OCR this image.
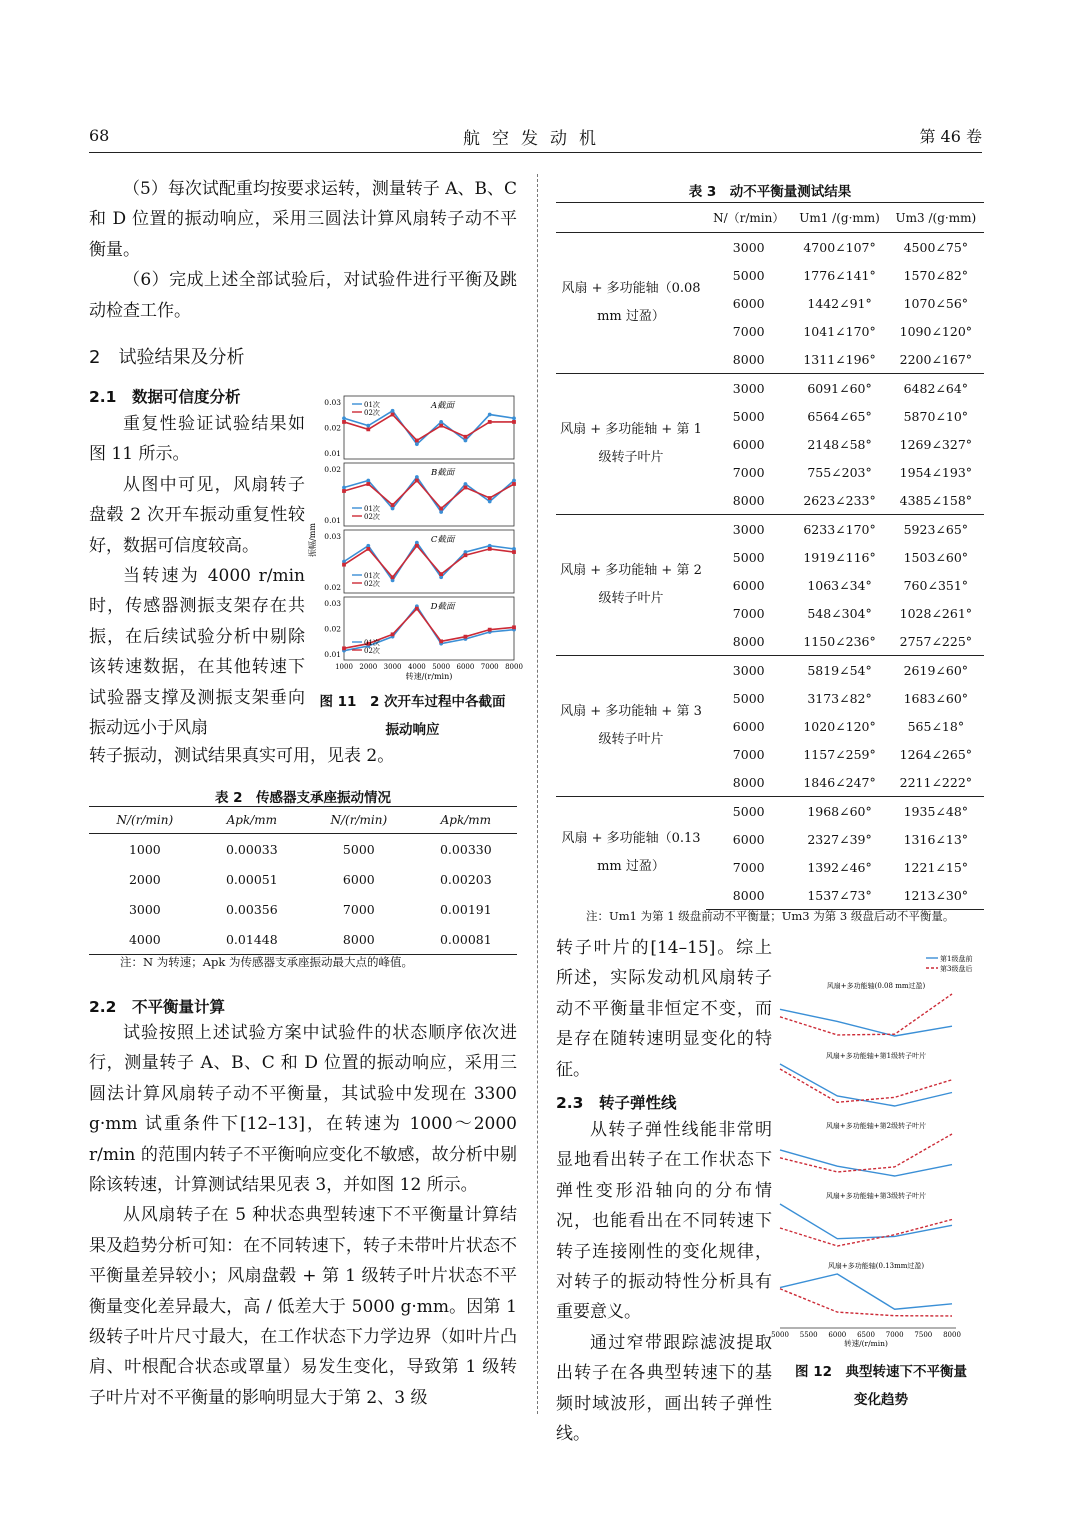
68	航空发动机	第 46 卷

（5）每次试配重均按要求运转，测量转子 A、B、C 和 D 位置的振动响应，采用三圆法计算风扇转子动不平衡量。

（6）完成上述全部试验后，对试验件进行平衡及跳动检查工作。

2　试验结果及分析
2.1　数据可信度分析

重复性验证试验结果如图 11 所示。

从图中可见，风扇转子盘毂 2 次开车振动重复性较好，数据可信度较高。

当转速为 4000 r/min 时，传感器测振支架存在共振，在后续试验分析中剔除该转速数据，在其他转速下试验器支撑及测振支架垂向振动远小于风扇

转子振动，测试结果真实可用，见表 2。

0.03
0.02
0.01
A截面
01次
02次
0.02
0.01
B截面
01次
02次
0.03
0.02
C截面
01次
02次
0.03
0.02
0.01
D截面
01次
02次
1000 2000 3000 4000 5000 6000 7000 8000
转速/(r/min)
振幅/mm
图 11　2 次开车过程中各截面
振动响应
表 2　传感器支承座振动情况
N/(r/min)	Apk/mm	N/(r/min)	Apk/mm
1000	0.00033	5000	0.00330
2000	0.00051	6000	0.00203
3000	0.00356	7000	0.00191
4000	0.01448	8000	0.00081
注：N 为转速；Apk 为传感器支承座振动最大点的峰值。
2.2　不平衡量计算

试验按照上述试验方案中试验件的状态顺序依次进行，测量转子 A、B、C 和 D 位置的振动响应，采用三圆法计算风扇转子动不平衡量，其试验中发现在 3300 g·mm 试重条件下[12–13]，在转速为 1000～2000 r/min 的范围内转子不平衡响应变化不敏感，故分析中剔除该转速，计算测试结果见表 3，并如图 12 所示。

从风扇转子在 5 种状态典型转速下不平衡量计算结果及趋势分析可知：在不同转速下，转子未带叶片状态不平衡量差异较小；风扇盘毂 + 第 1 级转子叶片状态不平衡量变化差异最大，高 / 低差大于 5000 g·mm。因第 1 级转子叶片尺寸最大，在工作状态下力学边界（如叶片凸肩、叶根配合状态或罩量）易发生变化，导致第 1 级转子叶片对不平衡量的影响明显大于第 2、3 级

表 3　动不平衡量测试结果
	N/（r/min）	Um1 /(g·mm)	Um3 /(g·mm)
风扇 + 多功能轴（0.08 mm 过盈）	3000	4700∠107°	4500∠75°
	5000	1776∠141°	1570∠82°
	6000	1442∠91°	1070∠56°
	7000	1041∠170°	1090∠120°
	8000	1311∠196°	2200∠167°
风扇 + 多功能轴 + 第 1 级转子叶片	3000	6091∠60°	6482∠64°
	5000	6564∠65°	5870∠10°
	6000	2148∠58°	1269∠327°
	7000	755∠203°	1954∠193°
	8000	2623∠233°	4385∠158°
风扇 + 多功能轴 + 第 2 级转子叶片	3000	6233∠170°	5923∠65°
	5000	1919∠116°	1503∠60°
	6000	1063∠34°	760∠351°
	7000	548∠304°	1028∠261°
	8000	1150∠236°	2757∠225°
风扇 + 多功能轴 + 第 3 级转子叶片	3000	5819∠54°	2619∠60°
	5000	3173∠82°	1683∠60°
	6000	1020∠120°	565∠18°
	7000	1157∠259°	1264∠265°
	8000	1846∠247°	2211∠222°
风扇 + 多功能轴（0.13 mm 过盈）	5000	1968∠60°	1935∠48°
	6000	2327∠39°	1316∠13°
	7000	1392∠46°	1221∠15°
	8000	1537∠73°	1213∠30°
注：Um1 为第 1 级盘前动不平衡量；Um3 为第 3 级盘后动不平衡量。

转子叶片的[14–15]。综上所述，实际发动机风扇转子动不平衡量非恒定不变，而是存在随转速明显变化的特征。

2.3　转子弹性线

从转子弹性线能非常明显地看出转子在工作状态下弹性变形沿轴向的分布情况，也能看出在不同转速下转子连接刚性的变化规律，对转子的振动特性分析具有重要意义。

通过窄带跟踪滤波提取出转子在各典型转速下的基频时域波形，画出转子弹性线。

第1级盘前
第3级盘后
风扇+多功能轴(0.08 mm过盈)
风扇+多功能轴+第1级转子叶片
风扇+多功能轴+第2级转子叶片
风扇+多功能轴+第3级转子叶片
风扇+多功能轴(0.13mm过盈)
5000 5500 6000 6500 7000 7500 8000
转速/(r/min)
图 12　典型转速下不平衡量
变化趋势
